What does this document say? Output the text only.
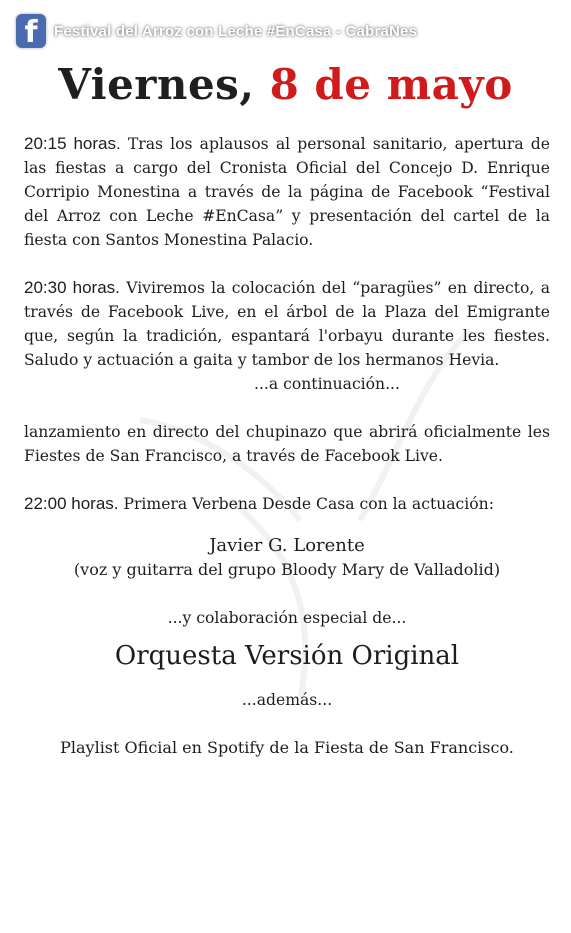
f	Festival del Arroz con Leche #EnCasa - CabraNes
Viernes, 8 de mayo

20:15 horas. Tras los aplausos al personal sanitario, apertura de las fiestas a cargo del Cronista Oficial del Concejo D. Enrique Corripio Monestina a través de la página de Facebook “Festival del Arroz con Leche #EnCasa” y presentación del cartel de la fiesta con Santos Monestina Palacio.

20:30 horas. Viviremos la colocación del “paragües” en directo, a través de Facebook Live, en el árbol de la Plaza del Emigrante que, según la tradición, espantará l'orbayu durante les fiestes. Saludo y actuación a gaita y tambor de los hermanos Hevia.

...a continuación...

lanzamiento en directo del chupinazo que abrirá oficialmente les Fiestes de San Francisco, a través de Facebook Live.

22:00 horas. Primera Verbena Desde Casa con la actuación:

Javier G. Lorente
(voz y guitarra del grupo Bloody Mary de Valladolid)
...y colaboración especial de...
Orquesta Versión Original
...además...
Playlist Oficial en Spotify de la Fiesta de San Francisco.
